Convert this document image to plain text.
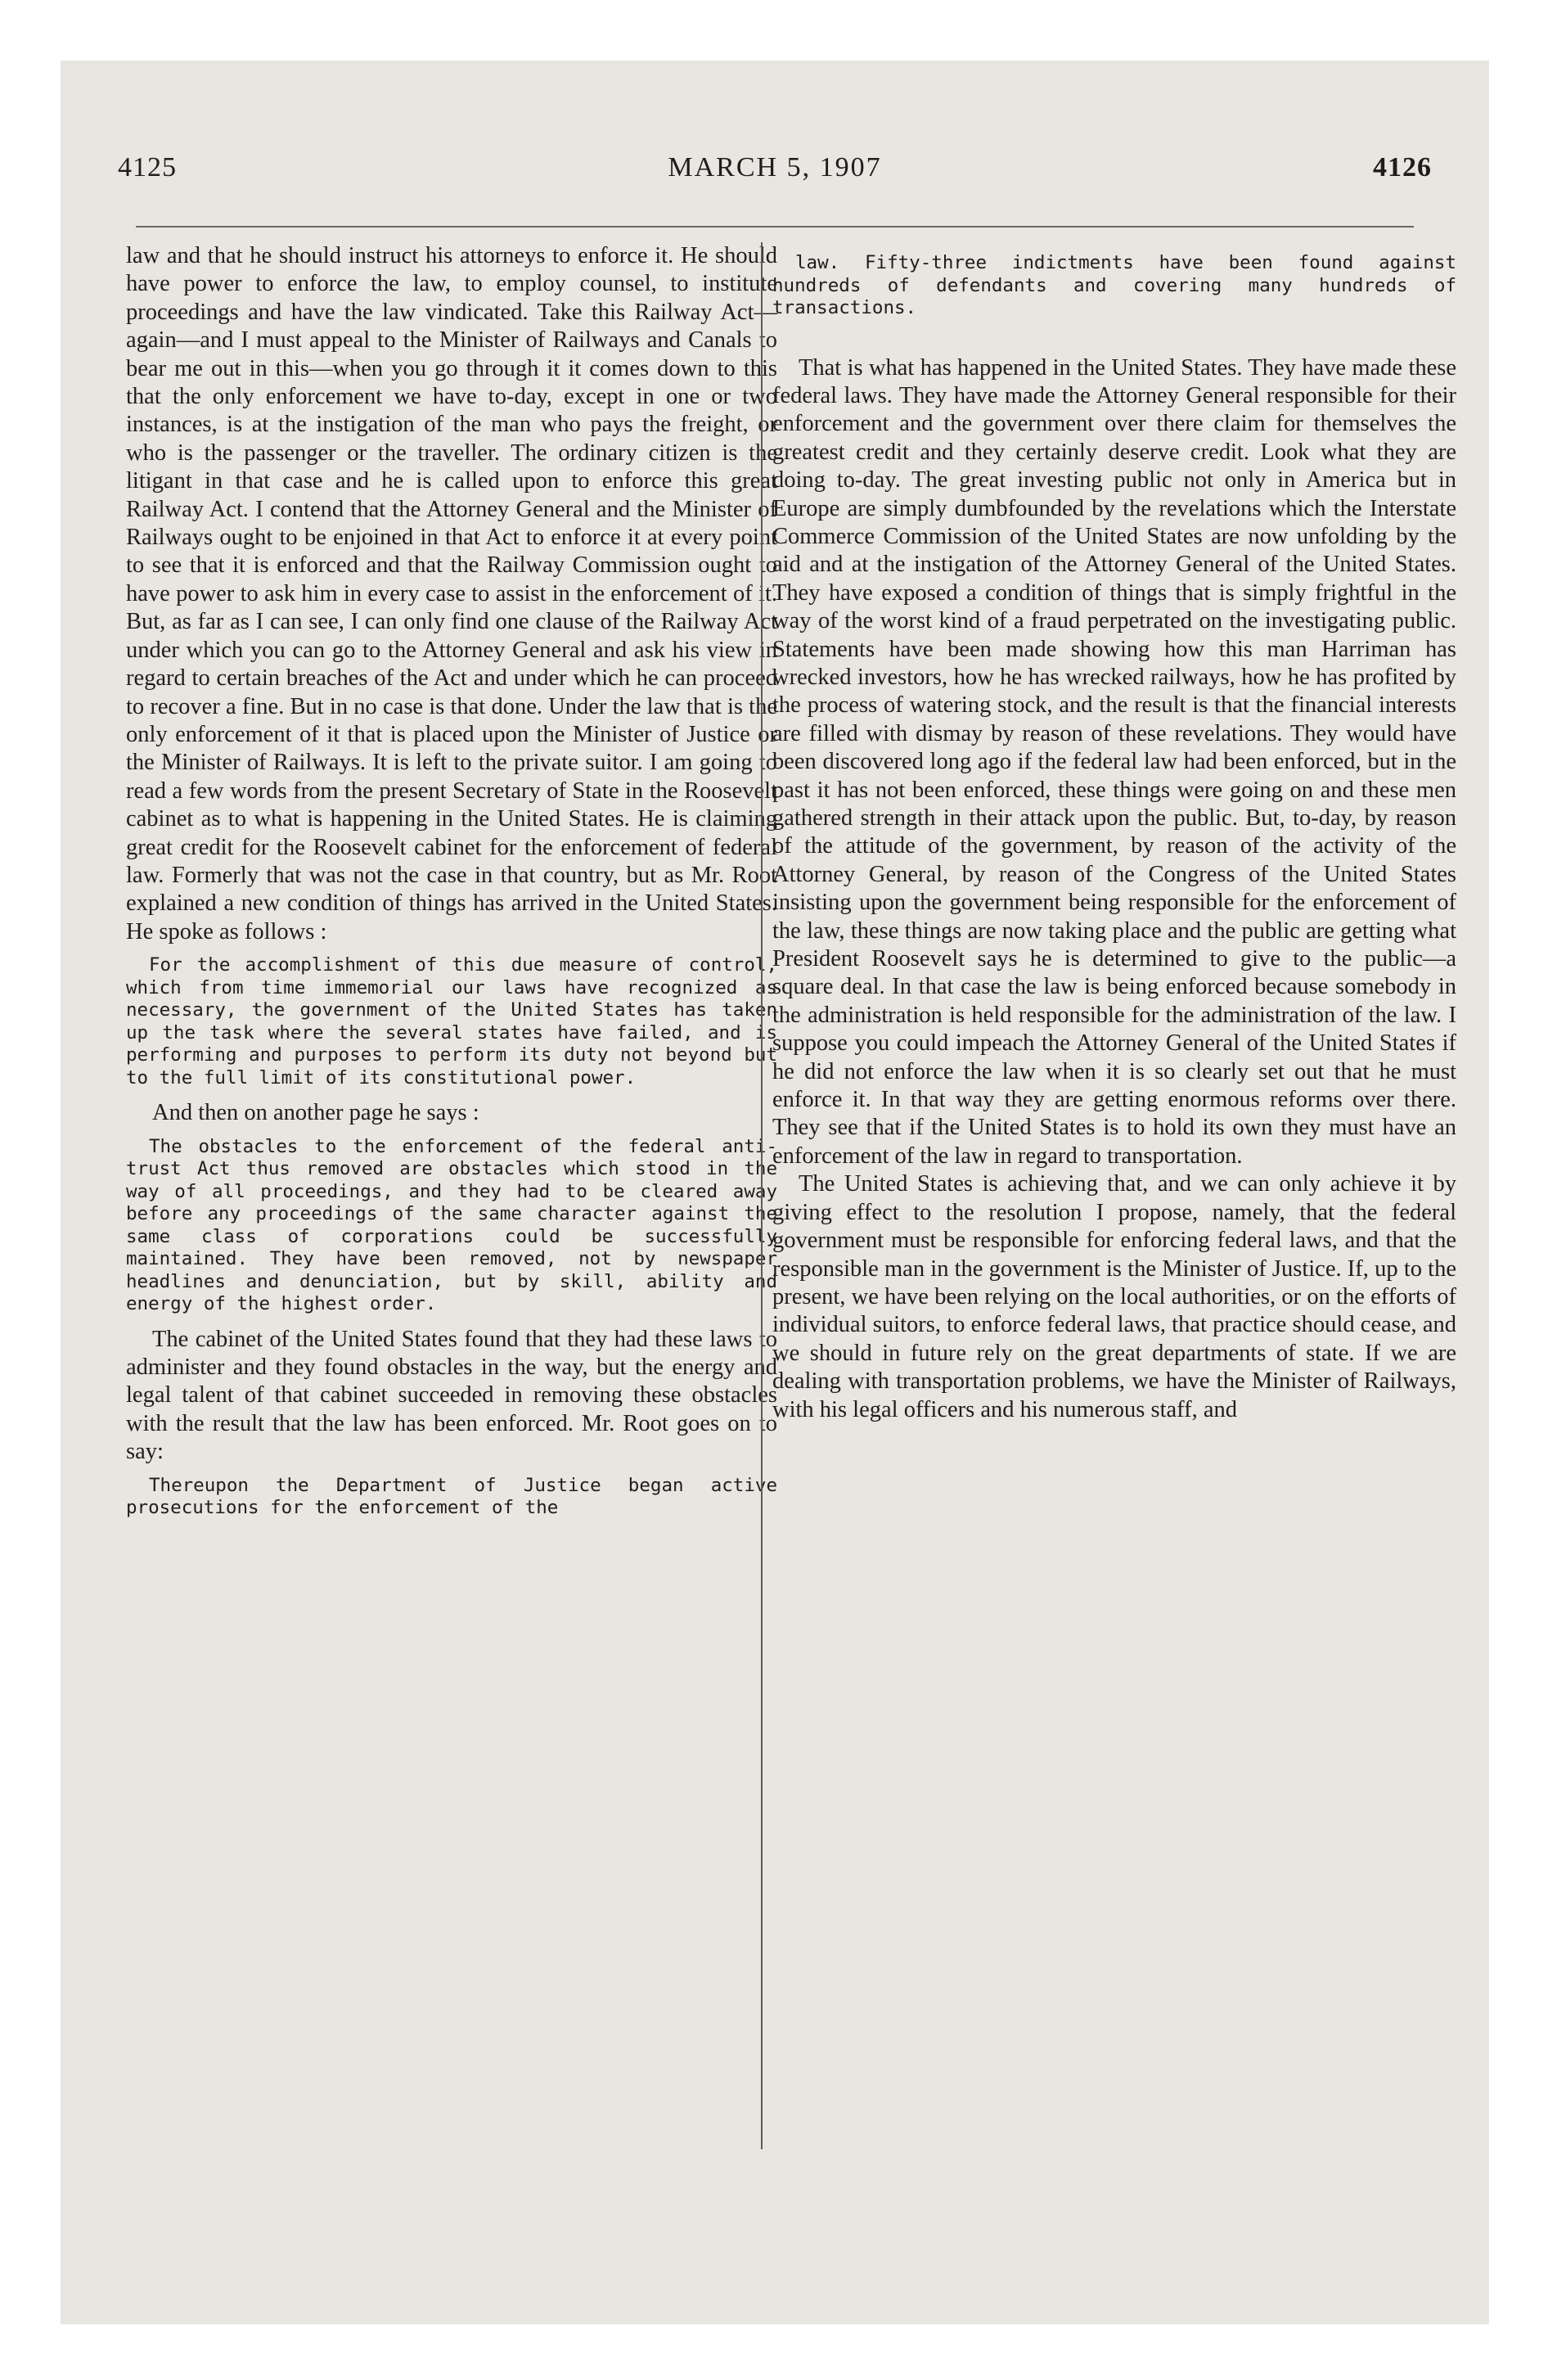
4125	MARCH 5, 1907	4126

law and that he should instruct his attorneys to enforce it. He should have power to enforce the law, to employ counsel, to institute proceedings and have the law vindicated. Take this Railway Act—again—and I must appeal to the Minister of Railways and Canals to bear me out in this—when you go through it it comes down to this that the only enforcement we have to-day, except in one or two instances, is at the instigation of the man who pays the freight, or who is the passenger or the traveller. The ordinary citizen is the litigant in that case and he is called upon to enforce this great Railway Act. I contend that the Attorney General and the Minister of Railways ought to be enjoined in that Act to enforce it at every point to see that it is enforced and that the Railway Commission ought to have power to ask him in every case to assist in the enforcement of it. But, as far as I can see, I can only find one clause of the Railway Act under which you can go to the Attorney General and ask his view in regard to certain breaches of the Act and under which he can proceed to recover a fine. But in no case is that done. Under the law that is the only enforcement of it that is placed upon the Minister of Justice or the Minister of Railways. It is left to the private suitor. I am going to read a few words from the present Secretary of State in the Roosevelt cabinet as to what is happening in the United States. He is claiming great credit for the Roosevelt cabinet for the enforcement of federal law. Formerly that was not the case in that country, but as Mr. Root explained a new condition of things has arrived in the United States. He spoke as follows :

For the accomplishment of this due measure of control, which from time immemorial our laws have recognized as necessary, the government of the United States has taken up the task where the several states have failed, and is performing and purposes to perform its duty not beyond but to the full limit of its constitutional power.

And then on another page he says :

The obstacles to the enforcement of the federal anti-trust Act thus removed are obstacles which stood in the way of all proceedings, and they had to be cleared away before any proceedings of the same character against the same class of corporations could be successfully maintained. They have been removed, not by newspaper headlines and denunciation, but by skill, ability and energy of the highest order.

The cabinet of the United States found that they had these laws to administer and they found obstacles in the way, but the energy and legal talent of that cabinet succeeded in removing these obstacles with the result that the law has been enforced. Mr. Root goes on to say:

Thereupon the Department of Justice began active prosecutions for the enforcement of the

law. Fifty-three indictments have been found against hundreds of defendants and covering many hundreds of transactions.

That is what has happened in the United States. They have made these federal laws. They have made the Attorney General responsible for their enforcement and the government over there claim for themselves the greatest credit and they certainly deserve credit. Look what they are doing to-day. The great investing public not only in America but in Europe are simply dumbfounded by the revelations which the Interstate Commerce Commission of the United States are now unfolding by the aid and at the instigation of the Attorney General of the United States. They have exposed a condition of things that is simply frightful in the way of the worst kind of a fraud perpetrated on the investigating public. Statements have been made showing how this man Harriman has wrecked investors, how he has wrecked railways, how he has profited by the process of watering stock, and the result is that the financial interests are filled with dismay by reason of these revelations. They would have been discovered long ago if the federal law had been enforced, but in the past it has not been enforced, these things were going on and these men gathered strength in their attack upon the public. But, to-day, by reason of the attitude of the government, by reason of the activity of the Attorney General, by reason of the Congress of the United States insisting upon the government being responsible for the enforcement of the law, these things are now taking place and the public are getting what President Roosevelt says he is determined to give to the public—a square deal. In that case the law is being enforced because somebody in the administration is held responsible for the administration of the law. I suppose you could impeach the Attorney General of the United States if he did not enforce the law when it is so clearly set out that he must enforce it. In that way they are getting enormous reforms over there. They see that if the United States is to hold its own they must have an enforcement of the law in regard to transportation.

The United States is achieving that, and we can only achieve it by giving effect to the resolution I propose, namely, that the federal government must be responsible for enforcing federal laws, and that the responsible man in the government is the Minister of Justice. If, up to the present, we have been relying on the local authorities, or on the efforts of individual suitors, to enforce federal laws, that practice should cease, and we should in future rely on the great departments of state. If we are dealing with transportation problems, we have the Minister of Railways, with his legal officers and his numerous staff, and
